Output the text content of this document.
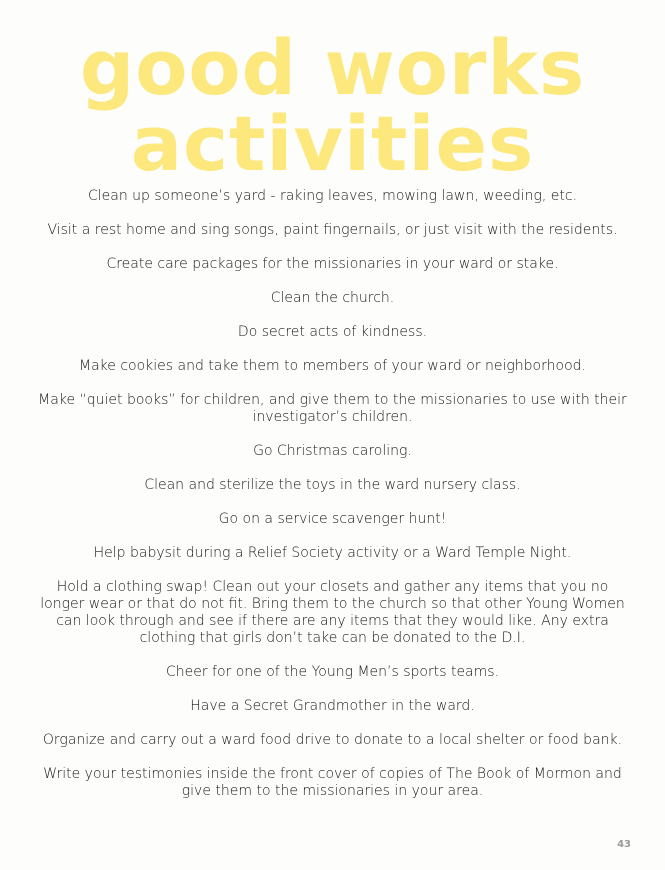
good works
activities

Clean up someone’s yard - raking leaves, mowing lawn, weeding, etc.

Visit a rest home and sing songs, paint fingernails, or just visit with the residents.

Create care packages for the missionaries in your ward or stake.

Clean the church.

Do secret acts of kindness.

Make cookies and take them to members of your ward or neighborhood.

Make “quiet books” for children, and give them to the missionaries to use with their investigator’s children.

Go Christmas caroling.

Clean and sterilize the toys in the ward nursery class.

Go on a service scavenger hunt!

Help babysit during a Relief Society activity or a Ward Temple Night.

Hold a clothing swap! Clean out your closets and gather any items that you no longer wear or that do not fit. Bring them to the church so that other Young Women can look through and see if there are any items that they would like. Any extra clothing that girls don’t take can be donated to the D.I.

Cheer for one of the Young Men’s sports teams.

Have a Secret Grandmother in the ward.

Organize and carry out a ward food drive to donate to a local shelter or food bank.

Write your testimonies inside the front cover of copies of The Book of Mormon and give them to the missionaries in your area.

43
